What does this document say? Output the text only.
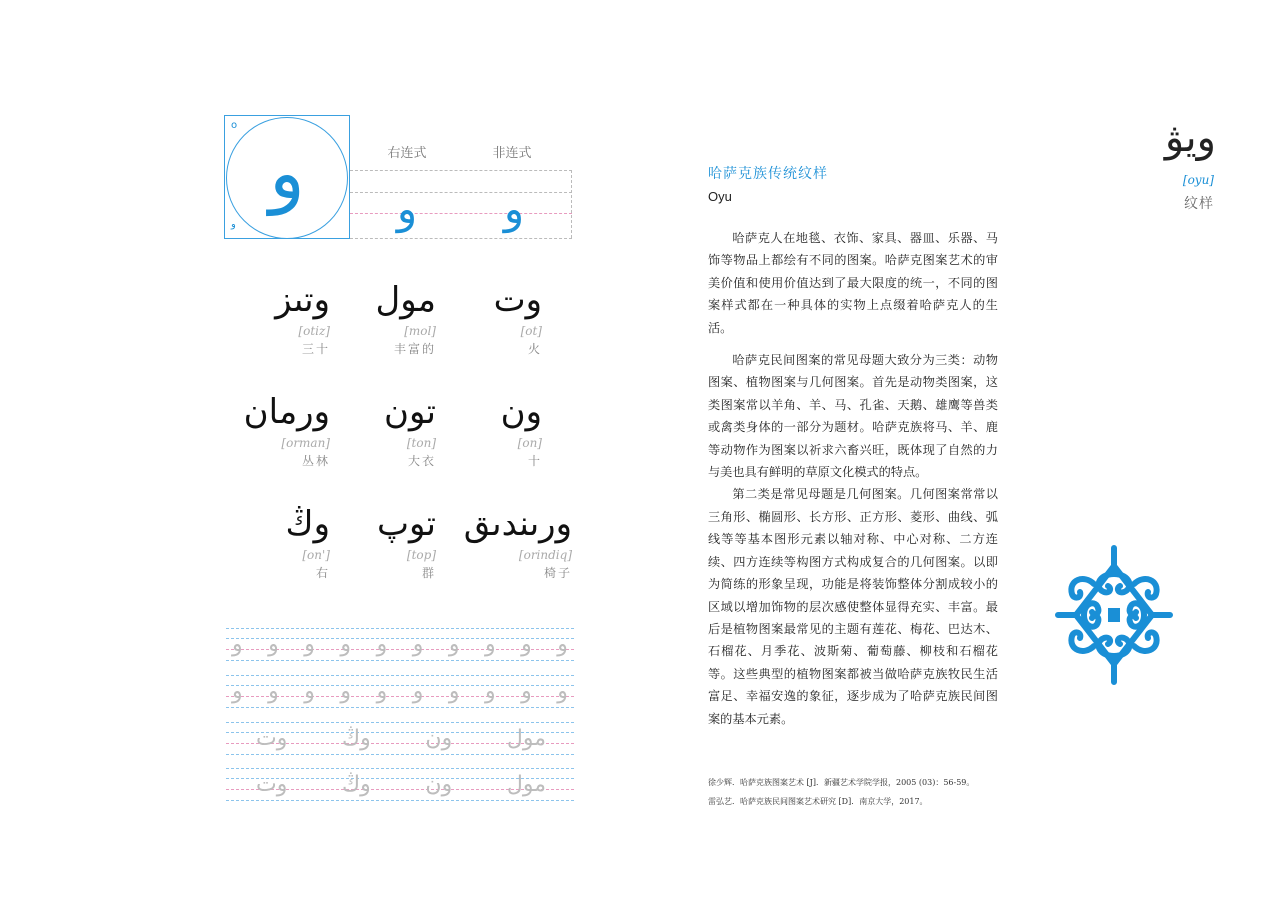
و
o
و
右连式	非连式
و	و
وتىز
[otiz]
三十
مول
[mol]
丰富的
وت
[ot]
火
ورمان
[orman]
丛林
تون
[ton]
大衣
ون
[on]
十
وڭ
[on']
右
توپ
[top]
群
ورىندىق
[orindiq]
椅子
و
و
و
و
و
و
و
و
و
و
و
و
و
و
و
و
و
و
و
و
مول
ون
وڭ
وت
مول
ون
وڭ
وت
哈萨克族传统纹样
Oyu

哈萨克人在地毯、衣饰、家具、器皿、乐器、马饰等物品上都绘有不同的图案。哈萨克图案艺术的审美价值和使用价值达到了最大限度的统一，不同的图案样式都在一种具体的实物上点缀着哈萨克人的生活。

哈萨克民间图案的常见母题大致分为三类：动物图案、植物图案与几何图案。首先是动物类图案，这类图案常以羊角、羊、马、孔雀、天鹅、雄鹰等兽类或禽类身体的一部分为题材。哈萨克族将马、羊、鹿等动物作为图案以祈求六畜兴旺，既体现了自然的力与美也具有鲜明的草原文化模式的特点。

第二类是常见母题是几何图案。几何图案常常以三角形、椭圆形、长方形、正方形、菱形、曲线、弧线等等基本图形元素以轴对称、中心对称、二方连续、四方连续等构图方式构成复合的几何图案。以即为简练的形象呈现，功能是将装饰整体分割成较小的区域以增加饰物的层次感使整体显得充实、丰富。最后是植物图案最常见的主题有莲花、梅花、巴达木、石榴花、月季花、波斯菊、葡萄藤、柳枝和石榴花等。这些典型的植物图案都被当做哈萨克族牧民生活富足、幸福安逸的象征，逐步成为了哈萨克族民间图案的基本元素。

徐少辉．哈萨克族图案艺术 [J]．新疆艺术学院学报，2005 (03)：56-59。
雷弘艺．哈萨克族民间图案艺术研究 [D]．南京大学，2017。
ويۋ
[oyu]
纹样
